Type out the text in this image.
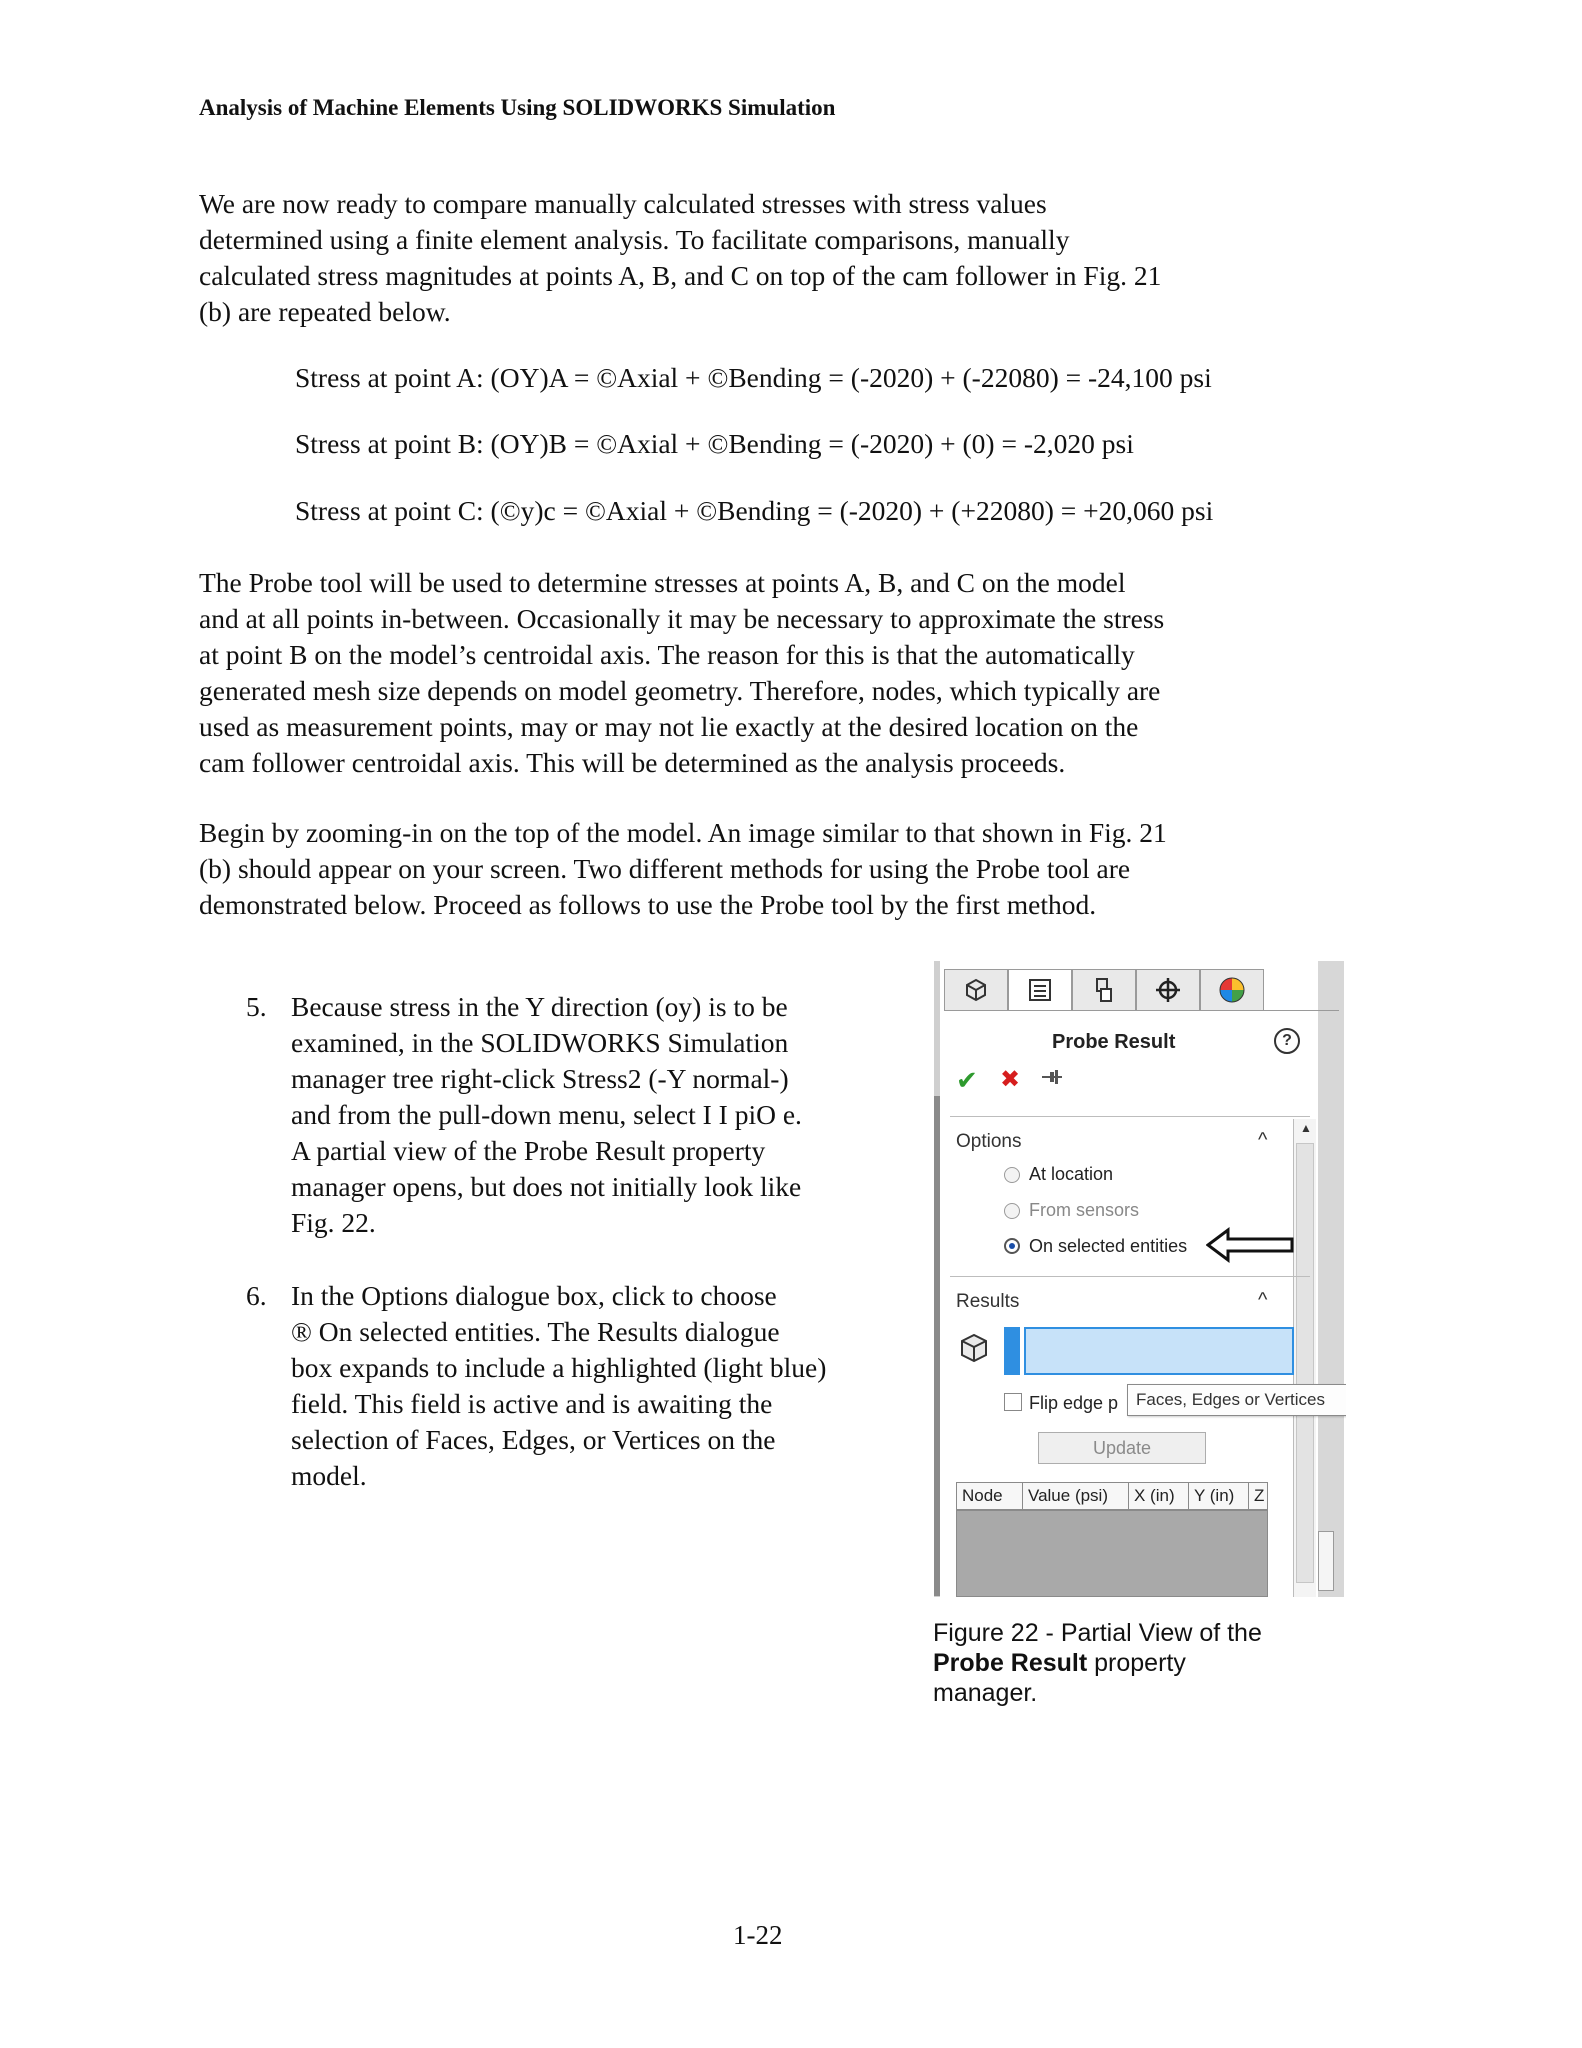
Analysis of Machine Elements Using SOLIDWORKS Simulation

We are now ready to compare manually calculated stresses with stress values

determined using a finite element analysis. To facilitate comparisons, manually

calculated stress magnitudes at points A, B, and C on top of the cam follower in Fig. 21

(b) are repeated below.

Stress at point A: (OY)A = ©Axial + ©Bending = (-2020) + (-22080) = -24,100 psi
Stress at point B: (OY)B = ©Axial + ©Bending = (-2020) + (0) = -2,020 psi
Stress at point C: (©y)c = ©Axial + ©Bending = (-2020) + (+22080) = +20,060 psi

The Probe tool will be used to determine stresses at points A, B, and C on the model

and at all points in-between. Occasionally it may be necessary to approximate the stress

at point B on the model’s centroidal axis. The reason for this is that the automatically

generated mesh size depends on model geometry. Therefore, nodes, which typically are

used as measurement points, may or may not lie exactly at the desired location on the

cam follower centroidal axis. This will be determined as the analysis proceeds.

Begin by zooming-in on the top of the model. An image similar to that shown in Fig. 21

(b) should appear on your screen. Two different methods for using the Probe tool are

demonstrated below. Proceed as follows to use the Probe tool by the first method.

5. Because stress in the Y direction (oy) is to be

examined, in the SOLIDWORKS Simulation

manager tree right-click Stress2 (-Y normal-)

and from the pull-down menu, select I I piO e.

A partial view of the Probe Result property

manager opens, but does not initially look like

Fig. 22.

6. In the Options dialogue box, click to choose

® On selected entities. The Results dialogue

box expands to include a highlighted (light blue)

field. This field is active and is awaiting the

selection of Faces, Edges, or Vertices on the

model.

Probe Result	?
✔ ✖
▲
Options	^
At location
From sensors
On selected entities
Results	^
Flip edge p	Faces, Edges or Vertices
Update
Node	Value (psi)	X (in)	Y (in)	Z

Figure 22 - Partial View of the

Probe Result property

manager.

1-22
